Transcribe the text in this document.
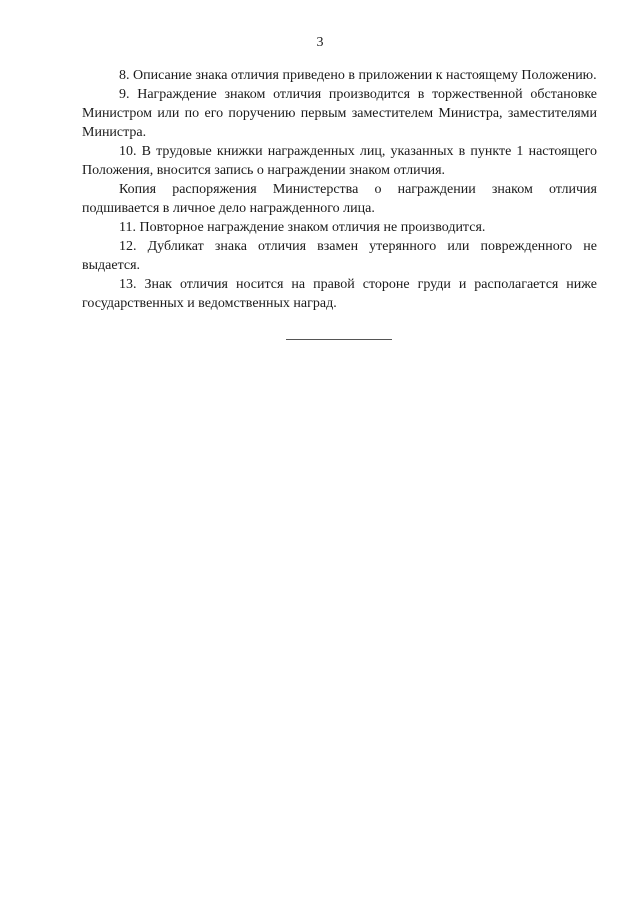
3

8. Описание знака отличия приведено в приложении к настоящему Положению.

9. Награждение знаком отличия производится в торжественной обстановке Министром или по его поручению первым заместителем Министра, заместителями Министра.

10. В трудовые книжки награжденных лиц, указанных в пункте 1 настоящего Положения, вносится запись о награждении знаком отличия.

Копия распоряжения Министерства о награждении знаком отличия подшивается в личное дело награжденного лица.

11. Повторное награждение знаком отличия не производится.

12. Дубликат знака отличия взамен утерянного или поврежденного не выдается.

13. Знак отличия носится на правой стороне груди и располагается ниже государственных и ведомственных наград.
